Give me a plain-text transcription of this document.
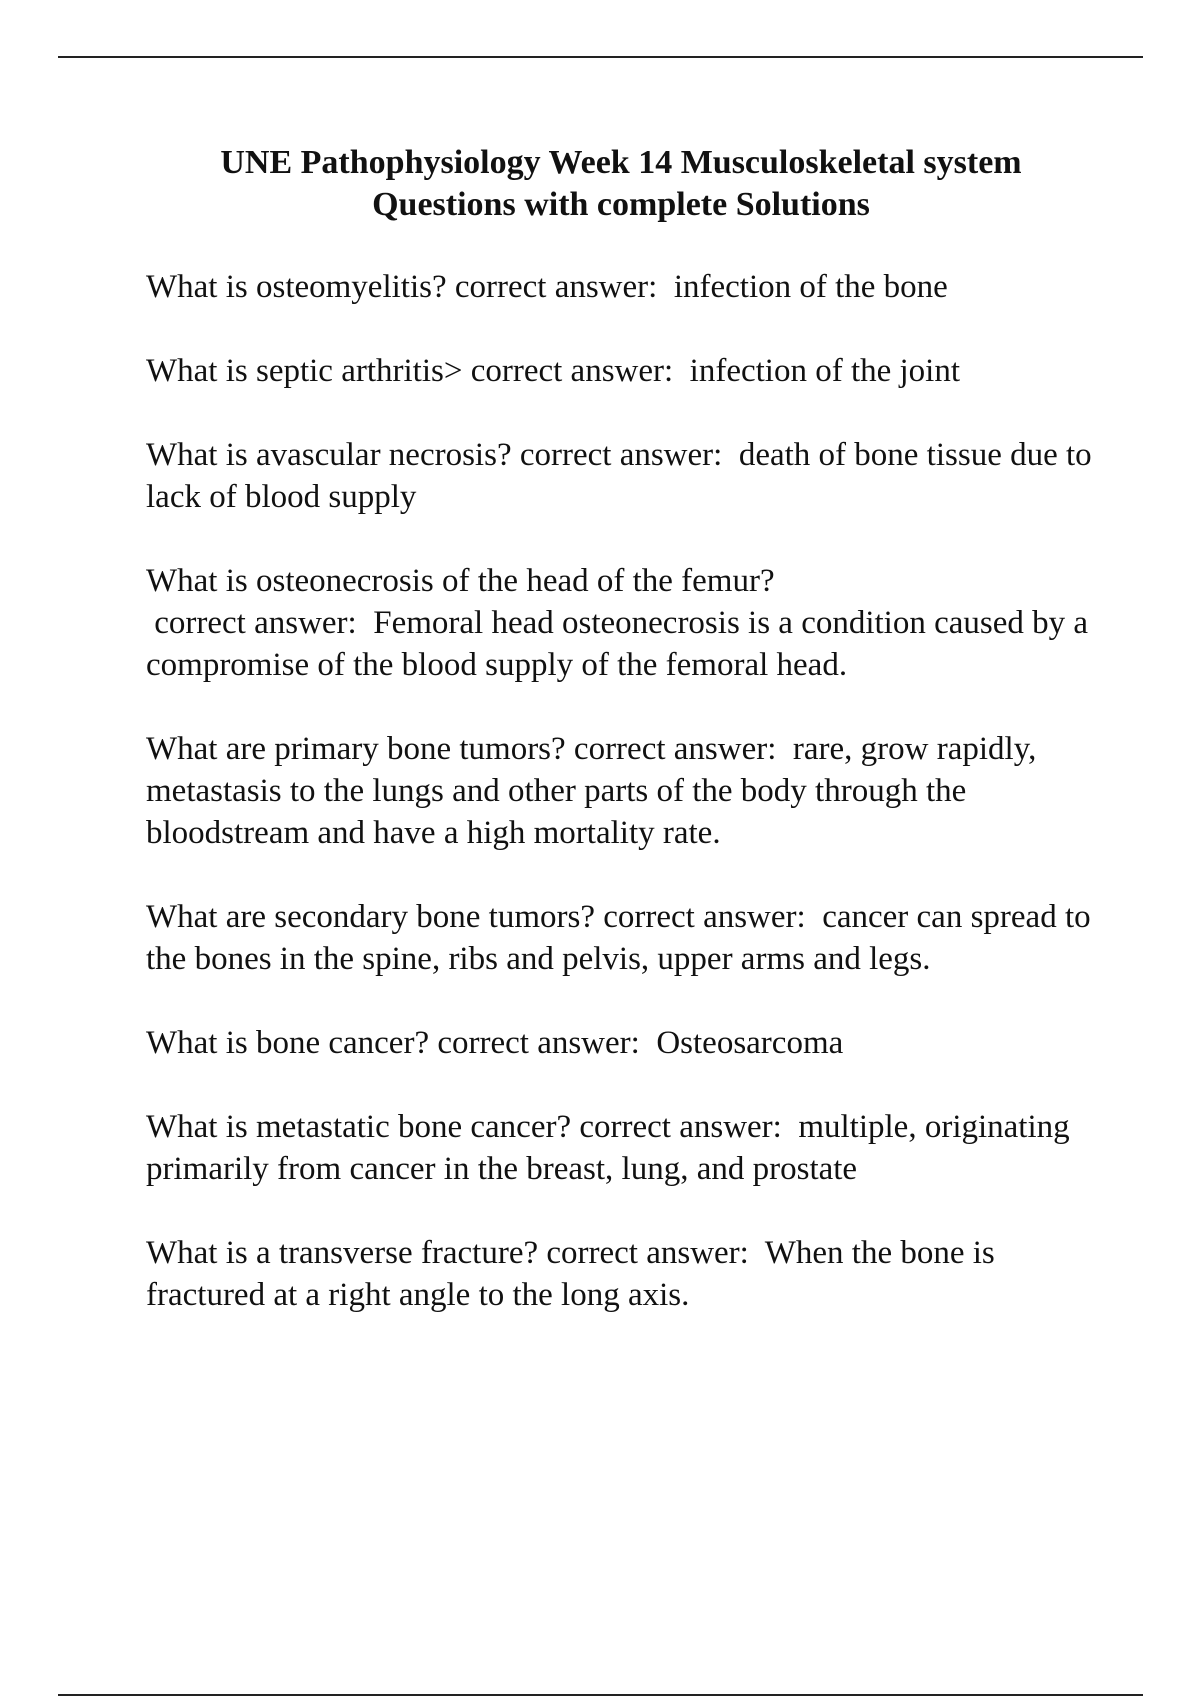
UNE Pathophysiology Week 14 Musculoskeletal system
Questions with complete Solutions

What is osteomyelitis? correct answer:  infection of the bone

What is septic arthritis> correct answer:  infection of the joint

What is avascular necrosis? correct answer:  death of bone tissue due to lack of blood supply

What is osteonecrosis of the head of the femur? correct answer:  Femoral head osteonecrosis is a condition caused by a compromise of the blood supply of the femoral head.

What are primary bone tumors? correct answer:  rare, grow rapidly, metastasis to the lungs and other parts of the body through the bloodstream and have a high mortality rate.

What are secondary bone tumors? correct answer:  cancer can spread to the bones in the spine, ribs and pelvis, upper arms and legs.

What is bone cancer? correct answer:  Osteosarcoma

What is metastatic bone cancer? correct answer:  multiple, originating primarily from cancer in the breast, lung, and prostate

What is a transverse fracture? correct answer:  When the bone is fractured at a right angle to the long axis.
